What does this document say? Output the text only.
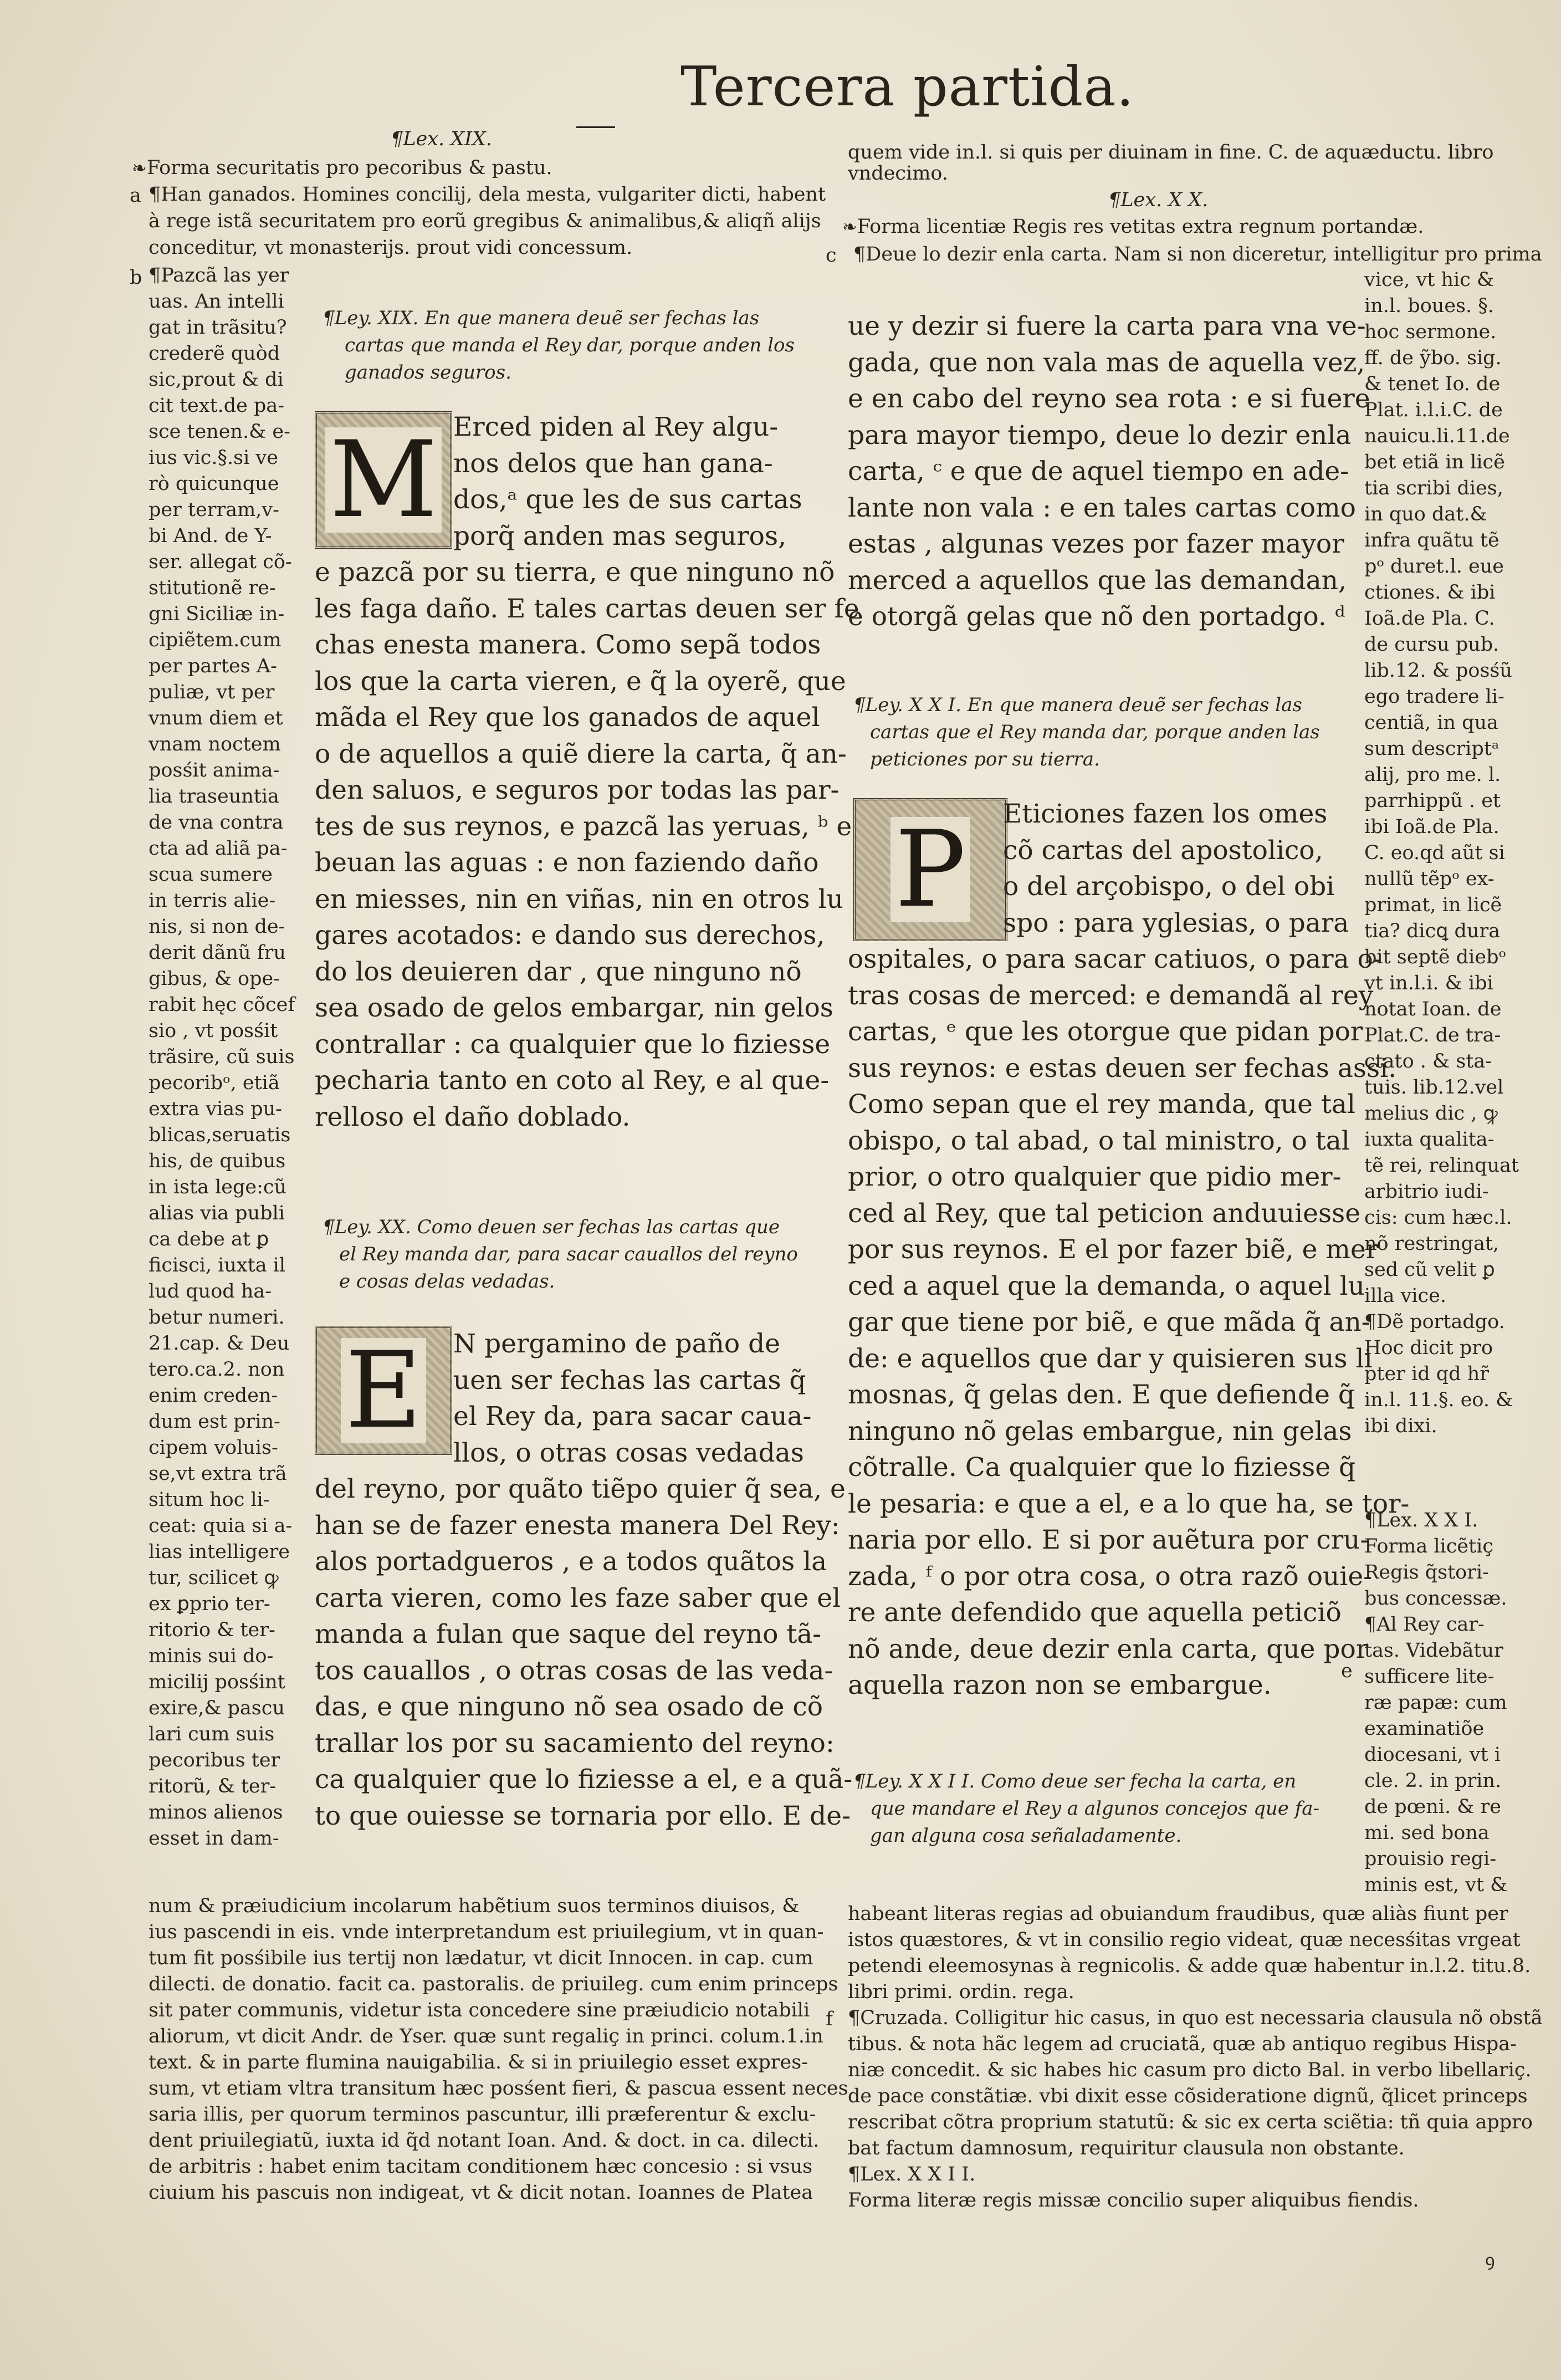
Tercera partida.
¶Lex. XIX.
❧Forma securitatis pro pecoribus & pastu.
a ¶Han ganados. Homines concilij, dela mesta, vulgariter dicti, habent
à rege istã securitatem pro eorũ gregibus & animalibus,& aliqñ alijs
conceditur, vt monasterijs. prout vidi concessum.
b ¶Pazcã las yer
uas. An intelli
gat in trãsitu?
crederẽ quòd
sic,prout & di
cit text.de pa-
sce tenen.& e-
ius vic.§.si ve
rò quicunque
per terram,v-
bi And. de Y-
ser. allegat cõ-
stitutionẽ re-
gni Siciliæ in-
cipiẽtem.cum
per partes A-
puliæ, vt per
vnum diem et
vnam noctem
posśit anima-
lia traseuntia
de vna contra
cta ad aliã pa-
scua sumere
in terris alie-
nis, si non de-
derit dãnũ fru
gibus, & ope-
rabit hęc cõcef
sio , vt posśit
trãsire, cũ suis
pecoribᵒ, etiã
extra vias pu-
blicas,seruatis
his, de quibus
in ista lege:cũ
alias via publi
ca debe at ꝑ
ficisci, iuxta il
lud quod ha-
betur numeri.
21.cap. & Deu
tero.ca.2. non
enim creden-
dum est prin-
cipem voluis-
se,vt extra trã
situm hoc li-
ceat: quia si a-
lias intelligere
tur, scilicet ꝙ
ex ꝑprio ter-
ritorio & ter-
minis sui do-
micilij posśint
exire,& pascu
lari cum suis
pecoribus ter
ritorũ, & ter-
minos alienos
esset in dam-
¶Ley. XIX. En que manera deuẽ ser fechas las
cartas que manda el Rey dar, porque anden los
ganados seguros.
M Erced piden al Rey algu-
nos delos que han gana-
dos,ᵃ que les de sus cartas
porq̃ anden mas seguros,
e pazcã por su tierra, e que ninguno nõ
les faga daño. E tales cartas deuen ser fe
chas enesta manera. Como sepã todos
los que la carta vieren, e q̃ la oyerẽ, que
mãda el Rey que los ganados de aquel
o de aquellos a quiẽ diere la carta, q̃ an-
den saluos, e seguros por todas las par-
tes de sus reynos, e pazcã las yeruas, ᵇ e
beuan las aguas : e non faziendo daño
en miesses, nin en viñas, nin en otros lu
gares acotados: e dando sus derechos,
do los deuieren dar , que ninguno nõ
sea osado de gelos embargar, nin gelos
contrallar : ca qualquier que lo fiziesse
pecharia tanto en coto al Rey, e al que-
relloso el daño doblado.
¶Ley. XX. Como deuen ser fechas las cartas que
el Rey manda dar, para sacar cauallos del reyno
e cosas delas vedadas.
E	N pergamino de paño de
uen ser fechas las cartas q̃
el Rey da, para sacar caua-
llos, o otras cosas vedadas
del reyno, por quãto tiẽpo quier q̃ sea, e
han se de fazer enesta manera Del Rey:
alos portadgueros , e a todos quãtos la
carta vieren, como les faze saber que el
manda a fulan que saque del reyno tã-
tos cauallos , o otras cosas de las veda-
das, e que ninguno nõ sea osado de cõ
trallar los por su sacamiento del reyno:
ca qualquier que lo fiziesse a el, e a quã-
to que ouiesse se tornaria por ello. E de-
quem vide in.l. si quis per diuinam in fine. C. de aquæductu. libro
vndecimo.
¶Lex. X X.
❧Forma licentiæ Regis res vetitas extra regnum portandæ.
c ¶Deue lo dezir enla carta. Nam si non diceretur, intelligitur pro prima
ue y dezir si fuere la carta para vna ve-
gada, que non vala mas de aquella vez,
e en cabo del reyno sea rota : e si fuere
para mayor tiempo, deue lo dezir enla
carta, ᶜ e que de aquel tiempo en ade-
lante non vala : e en tales cartas como
estas , algunas vezes por fazer mayor
merced a aquellos que las demandan,
e otorgã gelas que nõ den portadgo. ᵈ
¶Ley. X X I. En que manera deuẽ ser fechas las
cartas que el Rey manda dar, porque anden las
peticiones por su tierra.
P	Eticiones fazen los omes
cõ cartas del apostolico,
o del arçobispo, o del obi
spo : para yglesias, o para
ospitales, o para sacar catiuos, o para o-
tras cosas de merced: e demandã al rey
cartas, ᵉ que les otorgue que pidan por
sus reynos: e estas deuen ser fechas assi.
Como sepan que el rey manda, que tal
obispo, o tal abad, o tal ministro, o tal
prior, o otro qualquier que pidio mer-
ced al Rey, que tal peticion anduuiesse
por sus reynos. E el por fazer biẽ, e mer
ced a aquel que la demanda, o aquel lu
gar que tiene por biẽ, e que mãda q̃ an-
de: e aquellos que dar y quisieren sus li
mosnas, q̃ gelas den. E que defiende q̃
ninguno nõ gelas embargue, nin gelas
cõtralle. Ca qualquier que lo fiziesse q̃
le pesaria: e que a el, e a lo que ha, se tor-
naria por ello. E si por auẽtura por cru-
zada, ᶠ o por otra cosa, o otra razõ ouie-
re ante defendido que aquella peticiõ
nõ ande, deue dezir enla carta, que por
aquella razon non se embargue.
¶Ley. X X I I. Como deue ser fecha la carta, en
que mandare el Rey a algunos concejos que fa-
gan alguna cosa señaladamente.
vice, vt hic &
in.l. boues. §.
hoc sermone.
ff. de ỹbo. sig.
& tenet Io. de
Plat. i.l.i.C. de
nauicu.li.11.de
bet etiã in licẽ
tia scribi dies,
in quo dat.&
infra quãtu tẽ
pᵒ duret.l. eue
ctiones. & ibi
Ioã.de Pla. C.
de cursu pub.
lib.12. & posśũ
ego tradere li-
centiã, in qua
sum descriptᵃ
alij, pro me. l.
parrhippũ . et
ibi Ioã.de Pla.
C. eo.qd aũt si
nullũ tẽpᵒ ex-
primat, in licẽ
tia? dicꝗ dura
bit septẽ diebᵒ
vt in.l.i. & ibi
notat Ioan. de
Plat.C. de tra-
ctato . & sta-
tuis. lib.12.vel
melius dic , ꝙ
iuxta qualita-
tẽ rei, relinquat
arbitrio iudi-
cis: cum hæc.l.
nõ restringat,
sed cũ velit ꝑ
illa vice.
¶Dẽ portadgo.
Hoc dicit pro
pter id qd hr̃
in.l. 11.§. eo. &
ibi dixi.
e
¶Lex. X X I.
Forma licẽtiç
Regis q̃stori-
bus concessæ.
¶Al Rey car-
tas. Videbãtur
sufficere lite-
ræ papæ: cum
examinatiõe
diocesani, vt i
cle. 2. in prin.
de pœni. & re
mi. sed bona
prouisio regi-
minis est, vt &
num & præiudicium incolarum habẽtium suos terminos diuisos, &
ius pascendi in eis. vnde interpretandum est priuilegium, vt in quan-
tum fit posśibile ius tertij non lædatur, vt dicit Innocen. in cap. cum
dilecti. de donatio. facit ca. pastoralis. de priuileg. cum enim princeps
sit pater communis, videtur ista concedere sine præiudicio notabili
aliorum, vt dicit Andr. de Yser. quæ sunt regaliç in princi. colum.1.in
text. & in parte flumina nauigabilia. & si in priuilegio esset expres-
sum, vt etiam vltra transitum hæc posśent fieri, & pascua essent neces
saria illis, per quorum terminos pascuntur, illi præferentur & exclu-
dent priuilegiatũ, iuxta id q̃d notant Ioan. And. & doct. in ca. dilecti.
de arbitris : habet enim tacitam conditionem hæc concesio : si vsus
ciuium his pascuis non indigeat, vt & dicit notan. Ioannes de Platea
f
habeant literas regias ad obuiandum fraudibus, quæ aliàs fiunt per
istos quæstores, & vt in consilio regio videat, quæ necesśitas vrgeat
petendi eleemosynas à regnicolis. & adde quæ habentur in.l.2. titu.8.
libri primi. ordin. rega.
¶Cruzada. Colligitur hic casus, in quo est necessaria clausula nõ obstã
tibus. & nota hãc legem ad cruciatã, quæ ab antiquo regibus Hispa-
niæ concedit. & sic habes hic casum pro dicto Bal. in verbo libellariç.
de pace constãtiæ. vbi dixit esse cõsideratione dignũ, q̃licet princeps
rescribat cõtra proprium statutũ: & sic ex certa sciẽtia: tñ quia appro
bat factum damnosum, requiritur clausula non obstante.
¶Lex. X X I I.
Forma literæ regis missæ concilio super aliquibus fiendis.
ꝯ
